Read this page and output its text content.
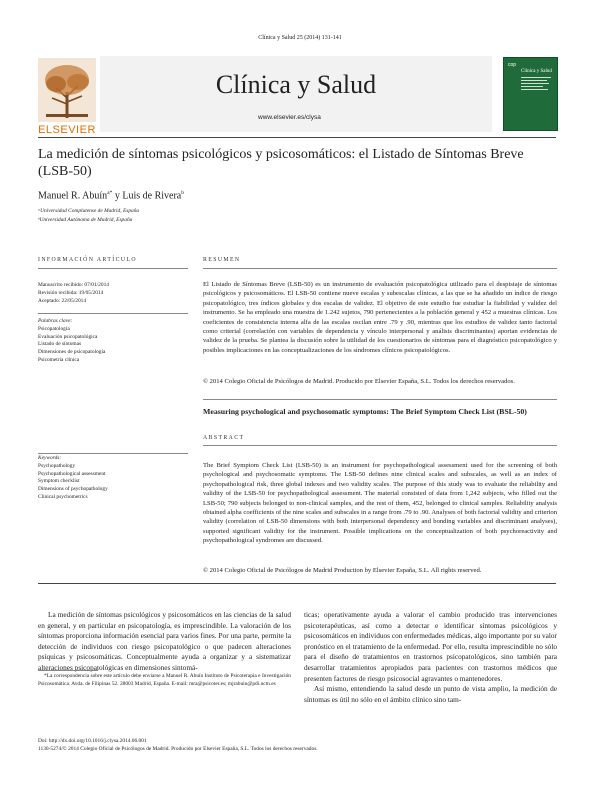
Clínica y Salud 25 (2014) 131-141
ELSEVIER
Clínica y Salud
www.elsevier.es/clysa
cop
Clínica y Salud
La medición de síntomas psicológicos y psicosomáticos: el Listado de Síntomas Breve (LSB-50)
Manuel R. Abuín$^{a*}$ y Luis de Rivera$^b$
ᵃUniversidad Complutense de Madrid, España
ᵇUniversidad Autónoma de Madrid, España
INFORMACIÓN ARTÍCULO
Manuscrito recibido: 07/01/2014
Revisión recibida: 19/05/2014
Aceptado: 22/05/2014
Palabras clave:
Psicopatología
Evaluación psicopatológica
Listado de síntomas
Dimensiones de psicopatología
Psicometría clínica
Keywords:
Psychopathology
Psychopathological assessment
Symptom checklist
Dimensions of psychopathology
Clinical psychometrics
RESUMEN
El Listado de Síntomas Breve (LSB-50) es un instrumento de evaluación psicopatológica utilizado para el despistaje de síntomas psicológicos y psicosomáticos. El LSB-50 contiene nueve escalas y subescalas clínicas, a las que se ha añadido un índice de riesgo psicopatológico, tres índices globales y dos escalas de validez. El objetivo de este estudio fue estudiar la fiabilidad y validez del instrumento. Se ha empleado una muestra de 1.242 sujetos, 790 pertenecientes a la población general y 452 a muestras clínicas. Los coeficientes de consistencia interna alfa de las escalas oscilan entre .79 y .90, mientras que los estudios de validez tanto factorial como criterial (correlación con variables de dependencia y vínculo interpersonal y análisis discriminantes) aportan evidencias de validez de la prueba. Se plantea la discusión sobre la utilidad de los cuestionarios de síntomas para el diagnóstico psicopatológico y posibles implicaciones en las conceptualizaciones de los síndromes clínicos psicopatológicos.
© 2014 Colegio Oficial de Psicólogos de Madrid. Producido por Elsevier España, S.L. Todos los derechos reservados.
Measuring psychological and psychosomatic symptoms: The Brief Symptom Check List (BSL-50)
ABSTRACT
The Brief Symptom Check List (LSB-50) is an instrument for psychopathological assessment used for the screening of both psychological and psychosomatic symptoms. The LSB-50 defines nine clinical scales and subscales, as well as an index of psychopathological risk, three global indexes and two validity scales. The purpose of this study was to evaluate the reliability and validity of the LSB-50 for psychopathological assessment. The material consisted of data from 1,242 subjects, who filled out the LSB-50; 790 subjects belonged to non-clinical samples, and the rest of them, 452, belonged to clinical samples. Reliability analysis obtained alpha coefficients of the nine scales and subscales in a range from .79 to .90. Analyses of both factorial validity and criterion validity (correlation of LSB-50 dimensions with both interpersonal dependency and bonding variables and discriminant analyses), supported significant validity for the instrument. Possible implications on the conceptualization of both psychoreactivity and psychopathological syndromes are discussed.
© 2014 Colegio Oficial de Psicólogos de Madrid Production by Elsevier España, S.L. All rights reserved.

La medición de síntomas psicológicos y psicosomáticos en las ciencias de la salud en general, y en particular en psicopatología, es imprescindible. La valoración de los síntomas proporciona información esencial para varios fines. Por una parte, permite la detección de individuos con riesgo psicopatológico o que padecen alteraciones psíquicas y psicosomáticas. Conceptualmente ayuda a organizar y a sistematizar alteraciones psicopatológicas en dimensiones sintomá-

*La correspondencia sobre este artículo debe enviarse a Manuel R. Abuín Instituto de Psicoterapia e Investigación Psicosomática. Avda. de Filipinas 52. 28003 Madrid, España. E-mail: mra@psicoter.es; mjrabuin@pdi.ucm.es

ticas; operativamente ayuda a valorar el cambio producido tras intervenciones psicoterapéuticas, así como a detectar e identificar síntomas psicológicos y psicosomáticos en individuos con enfermedades médicas, algo importante por su valor pronóstico en el tratamiento de la enfermedad. Por ello, resulta imprescindible no sólo para el diseño de tratamientos en trastornos psicopatológicos, sino también para desarrollar tratamientos apropiados para pacientes con trastornos médicos que presenten factores de riesgo psicosocial agravantes o mantenedores.

Así mismo, entendiendo la salud desde un punto de vista amplio, la medición de síntomas es útil no sólo en el ámbito clínico sino tam-

Doi: http://dx.doi.org/10.1016/j.clysa.2014.06.001
1130-5274/© 2014 Colegio Oficial de Psicólogos de Madrid. Producido por Elsevier España, S.L. Todos los derechos reservados.
